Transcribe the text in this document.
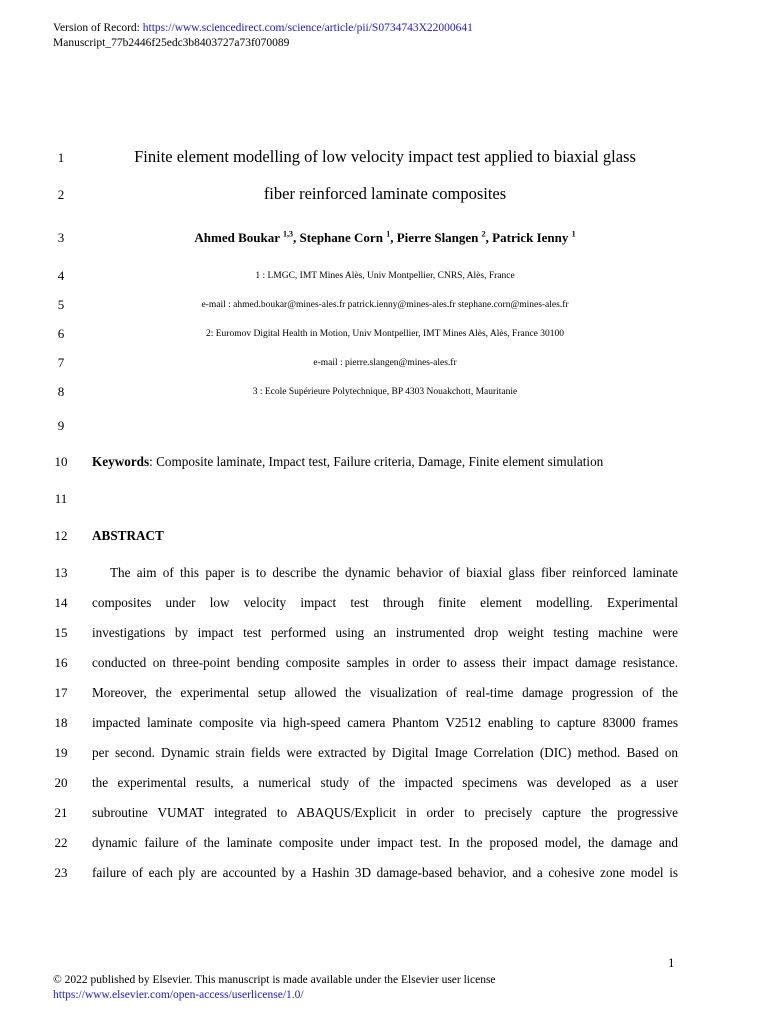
Version of Record: https://www.sciencedirect.com/science/article/pii/S0734743X22000641
Manuscript_77b2446f25edc3b8403727a73f070089
1
2
3
4
5
6
7
8
9
10
11
12
13
14
15
16
17
18
19
20
21
22
23
Finite element modelling of low velocity impact test applied to biaxial glass
fiber reinforced laminate composites
Ahmed Boukar $^{1,3}$, Stephane Corn $^1$, Pierre Slangen $^2$, Patrick Ienny $^1$
1 : LMGC, IMT Mines Alès, Univ Montpellier, CNRS, Alès, France
e-mail : ahmed.boukar@mines-ales.fr patrick.ienny@mines-ales.fr stephane.corn@mines-ales.fr
2: Euromov Digital Health in Motion, Univ Montpellier, IMT Mines Alès, Alès, France 30100
e-mail : pierre.slangen@mines-ales.fr
3 : Ecole Supérieure Polytechnique, BP 4303 Nouakchott, Mauritanie
Keywords: Composite laminate, Impact test, Failure criteria, Damage, Finite element simulation
ABSTRACT
The aim of this paper is to describe the dynamic behavior of biaxial glass fiber reinforced laminate
composites under low velocity impact test through finite element modelling. Experimental
investigations by impact test performed using an instrumented drop weight testing machine were
conducted on three-point bending composite samples in order to assess their impact damage resistance.
Moreover, the experimental setup allowed the visualization of real-time damage progression of the
impacted laminate composite via high-speed camera Phantom V2512 enabling to capture 83000 frames
per second. Dynamic strain fields were extracted by Digital Image Correlation (DIC) method. Based on
the experimental results, a numerical study of the impacted specimens was developed as a user
subroutine VUMAT integrated to ABAQUS/Explicit in order to precisely capture the progressive
dynamic failure of the laminate composite under impact test. In the proposed model, the damage and
failure of each ply are accounted by a Hashin 3D damage-based behavior, and a cohesive zone model is
1
© 2022 published by Elsevier. This manuscript is made available under the Elsevier user license
https://www.elsevier.com/open-access/userlicense/1.0/
